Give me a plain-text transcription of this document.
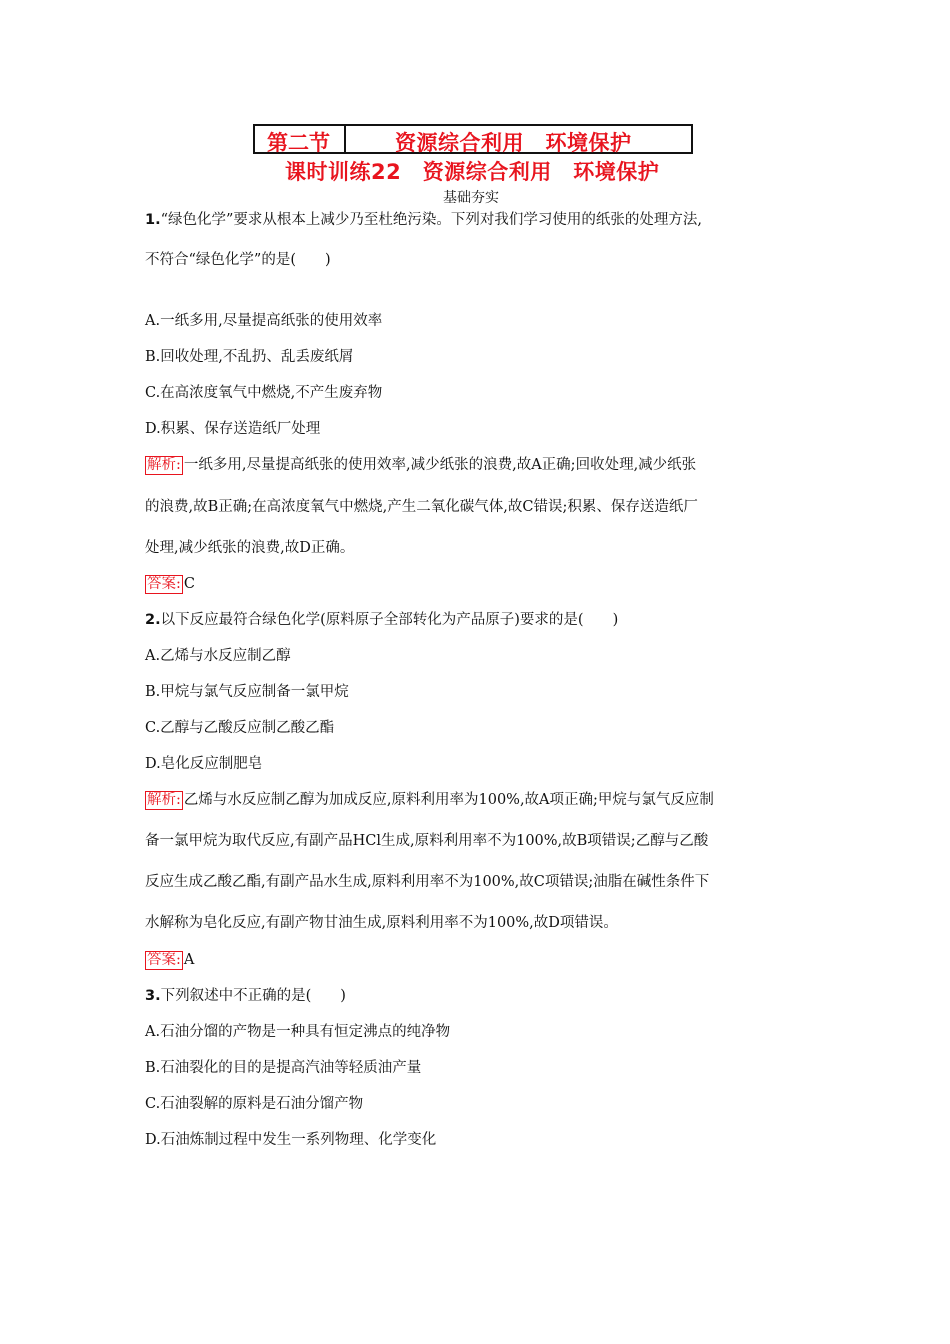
第二节	资源综合利用　环境保护
课时训练22　资源综合利用　环境保护
基础夯实
1.“绿色化学”要求从根本上减少乃至杜绝污染。下列对我们学习使用的纸张的处理方法,
不符合“绿色化学”的是(　　)
A.一纸多用,尽量提高纸张的使用效率
B.回收处理,不乱扔、乱丢废纸屑
C.在高浓度氧气中燃烧,不产生废弃物
D.积累、保存送造纸厂处理
解析: 一纸多用,尽量提高纸张的使用效率,减少纸张的浪费,故A正确;回收处理,减少纸张
的浪费,故B正确;在高浓度氧气中燃烧,产生二氧化碳气体,故C错误;积累、保存送造纸厂
处理,减少纸张的浪费,故D正确。
答案: C
2.以下反应最符合绿色化学(原料原子全部转化为产品原子)要求的是(　　)
A.乙烯与水反应制乙醇
B.甲烷与氯气反应制备一氯甲烷
C.乙醇与乙酸反应制乙酸乙酯
D.皂化反应制肥皂
解析: 乙烯与水反应制乙醇为加成反应,原料利用率为100%,故A项正确;甲烷与氯气反应制
备一氯甲烷为取代反应,有副产品HCl生成,原料利用率不为100%,故B项错误;乙醇与乙酸
反应生成乙酸乙酯,有副产品水生成,原料利用率不为100%,故C项错误;油脂在碱性条件下
水解称为皂化反应,有副产物甘油生成,原料利用率不为100%,故D项错误。
答案: A
3.下列叙述中不正确的是(　　)
A.石油分馏的产物是一种具有恒定沸点的纯净物
B.石油裂化的目的是提高汽油等轻质油产量
C.石油裂解的原料是石油分馏产物
D.石油炼制过程中发生一系列物理、化学变化
